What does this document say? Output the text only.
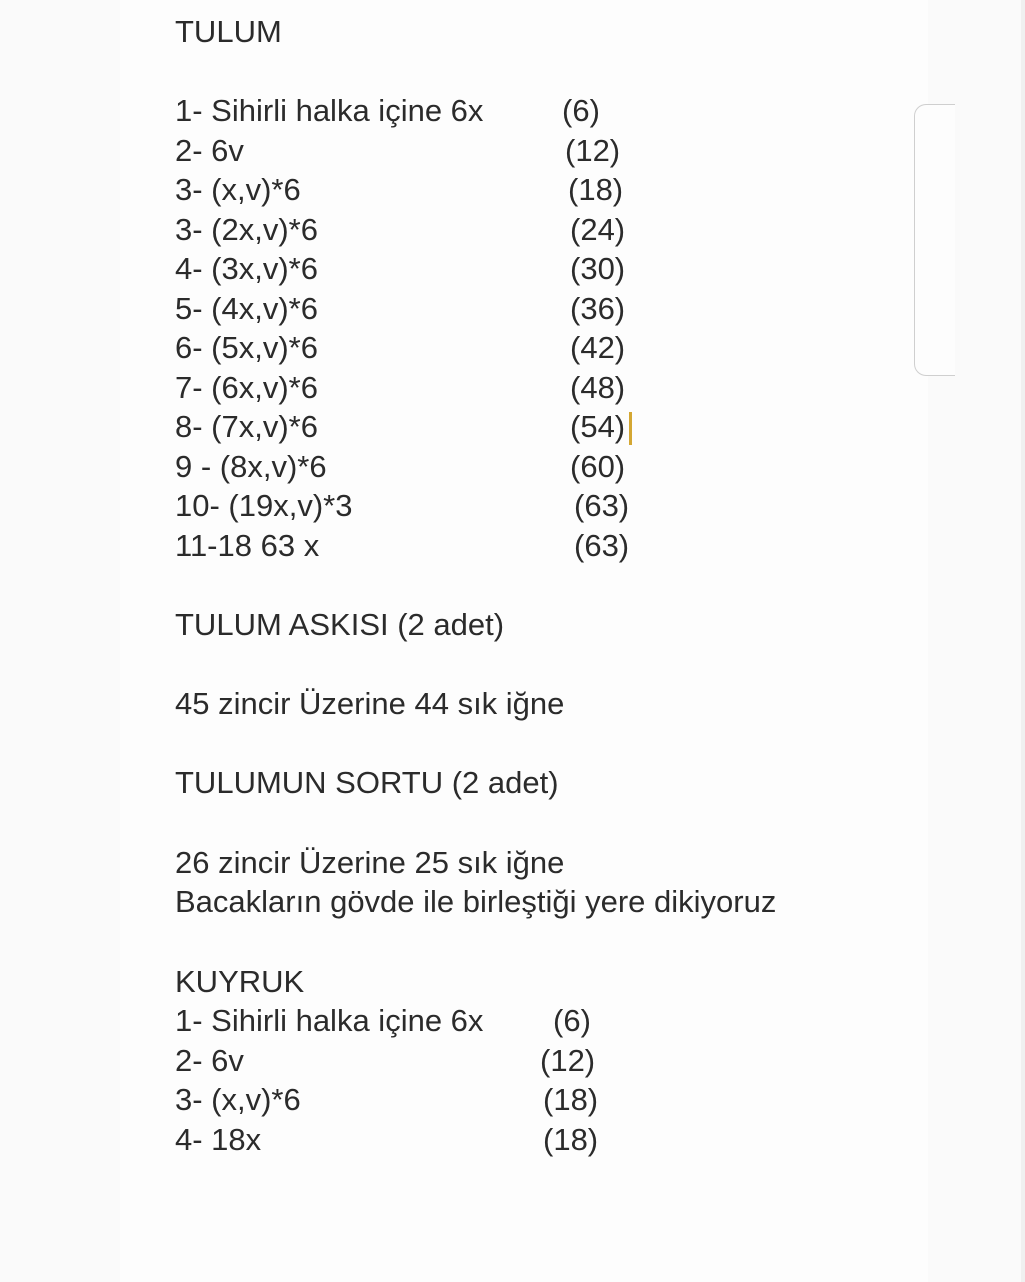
TULUM
1- Sihirli halka içine 6x	(6)
2- 6v	(12)
3- (x,v)*6	(18)
3- (2x,v)*6	(24)
4- (3x,v)*6	(30)
5- (4x,v)*6	(36)
6- (5x,v)*6	(42)
7- (6x,v)*6	(48)
8- (7x,v)*6	(54)
9 - (8x,v)*6	(60)
10- (19x,v)*3	(63)
11-18 63 x	(63)
TULUM ASKISI (2 adet)
45 zincir Üzerine 44 sık iğne
TULUMUN SORTU (2 adet)
26 zincir Üzerine 25 sık iğne
Bacakların gövde ile birleştiği yere dikiyoruz
KUYRUK
1- Sihirli halka içine 6x (6)
2- 6v	(12)
3- (x,v)*6	(18)
4- 18x	(18)
